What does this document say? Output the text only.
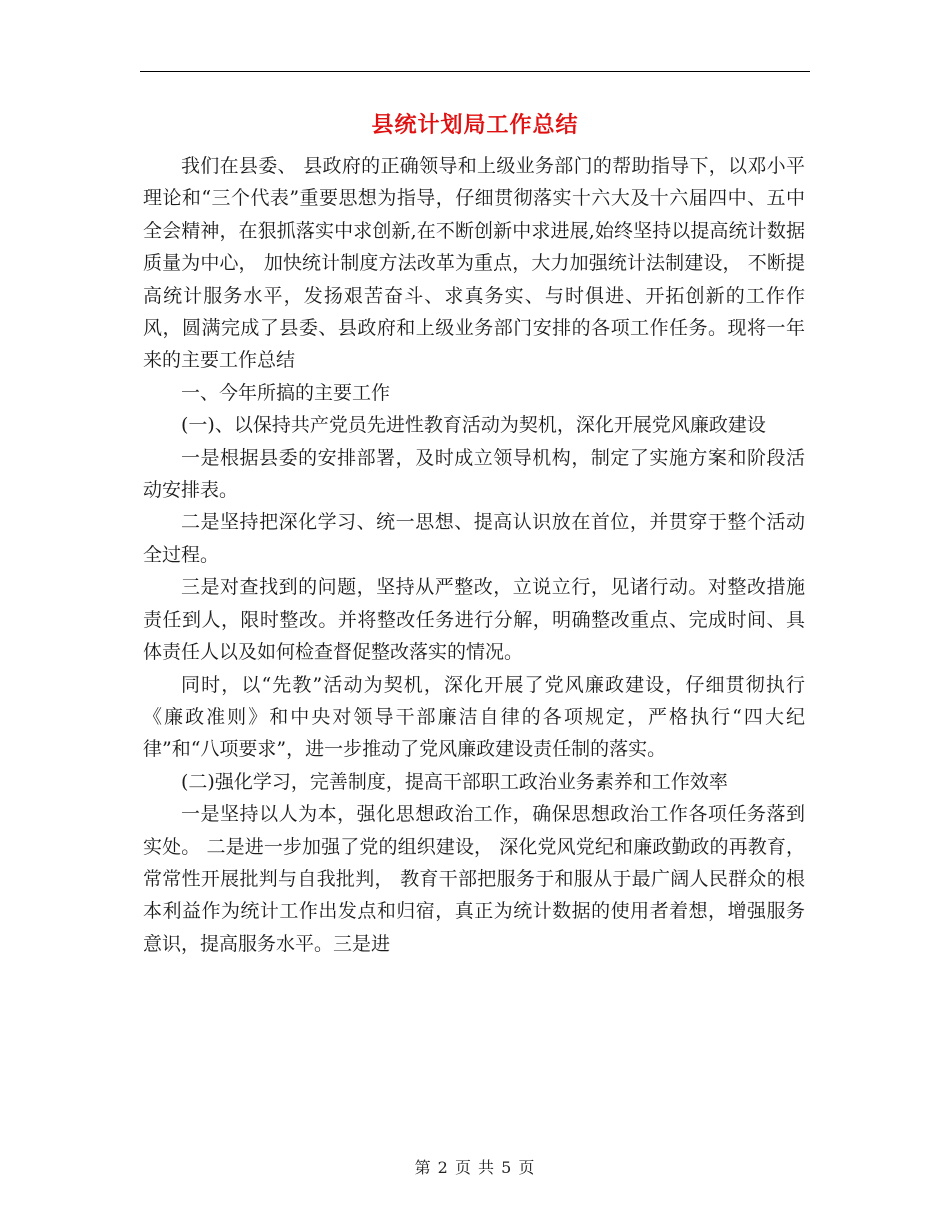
县统计划局工作总结

我们在县委、 县政府的正确领导和上级业务部门的帮助指导下，以邓小平理论和“三个代表”重要思想为指导，仔细贯彻落实十六大及十六届四中、五中全会精神，在狠抓落实中求创新,在不断创新中求进展,始终坚持以提高统计数据质量为中心， 加快统计制度方法改革为重点，大力加强统计法制建设， 不断提高统计服务水平，发扬艰苦奋斗、求真务实、与时俱进、开拓创新的工作作风，圆满完成了县委、县政府和上级业务部门安排的各项工作任务。现将一年来的主要工作总结

一、今年所搞的主要工作

(一)、以保持共产党员先进性教育活动为契机，深化开展党风廉政建设

一是根据县委的安排部署，及时成立领导机构，制定了实施方案和阶段活动安排表。

二是坚持把深化学习、统一思想、提高认识放在首位，并贯穿于整个活动全过程。

三是对查找到的问题，坚持从严整改，立说立行，见诸行动。对整改措施责任到人，限时整改。并将整改任务进行分解，明确整改重点、完成时间、具体责任人以及如何检查督促整改落实的情况。

同时，以“先教”活动为契机，深化开展了党风廉政建设，仔细贯彻执行《廉政准则》和中央对领导干部廉洁自律的各项规定，严格执行“四大纪律”和“八项要求”，进一步推动了党风廉政建设责任制的落实。

(二)强化学习，完善制度，提高干部职工政治业务素养和工作效率

一是坚持以人为本，强化思想政治工作，确保思想政治工作各项任务落到实处。 二是进一步加强了党的组织建设， 深化党风党纪和廉政勤政的再教育，常常性开展批判与自我批判， 教育干部把服务于和服从于最广阔人民群众的根本利益作为统计工作出发点和归宿，真正为统计数据的使用者着想，增强服务意识，提高服务水平。三是进

第 2 页 共 5 页
